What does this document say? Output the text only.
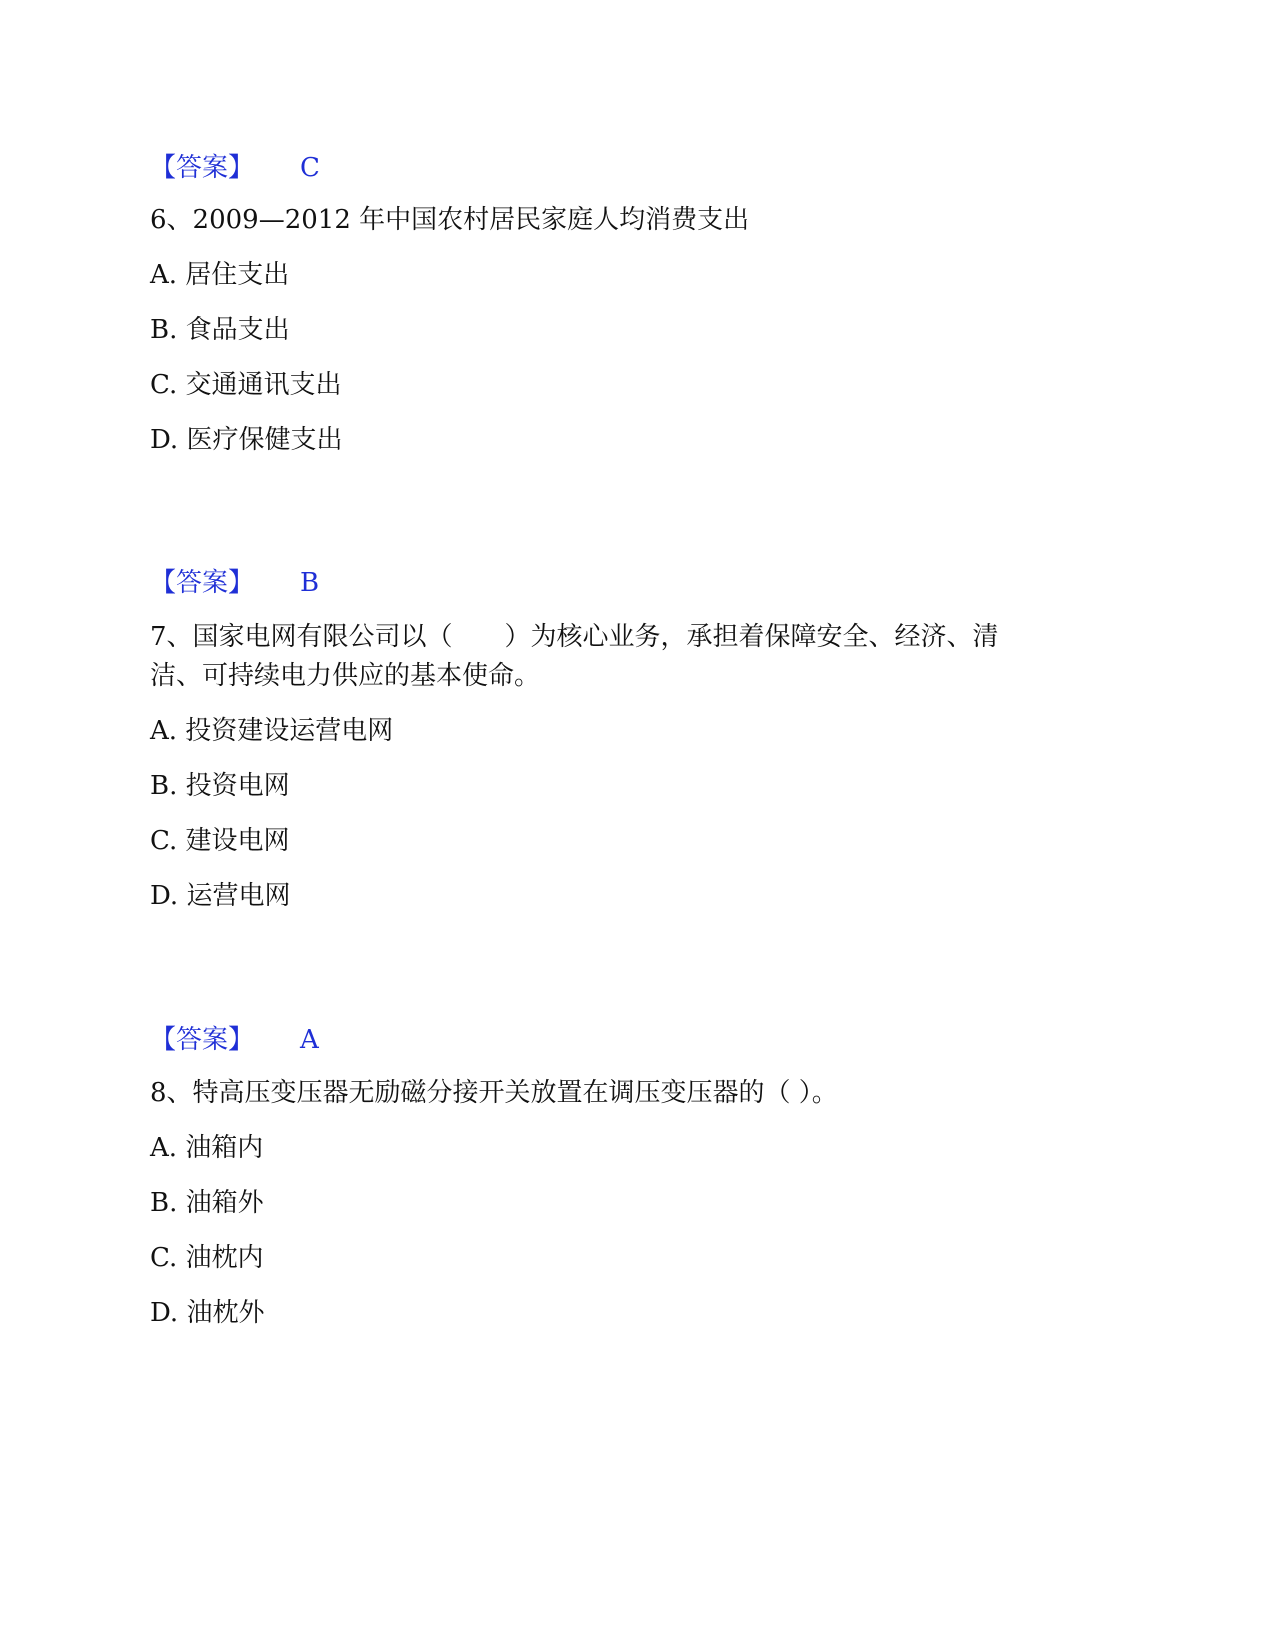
【答案】 C
6、2009—2012 年中国农村居民家庭人均消费支出
A. 居住支出
B. 食品支出
C. 交通通讯支出
D. 医疗保健支出
【答案】 B
7、国家电网有限公司以（　　）为核心业务，承担着保障安全、经济、清
洁、可持续电力供应的基本使命。
A. 投资建设运营电网
B. 投资电网
C. 建设电网
D. 运营电网
【答案】 A
8、特高压变压器无励磁分接开关放置在调压变压器的（ ）。
A. 油箱内
B. 油箱外
C. 油枕内
D. 油枕外
